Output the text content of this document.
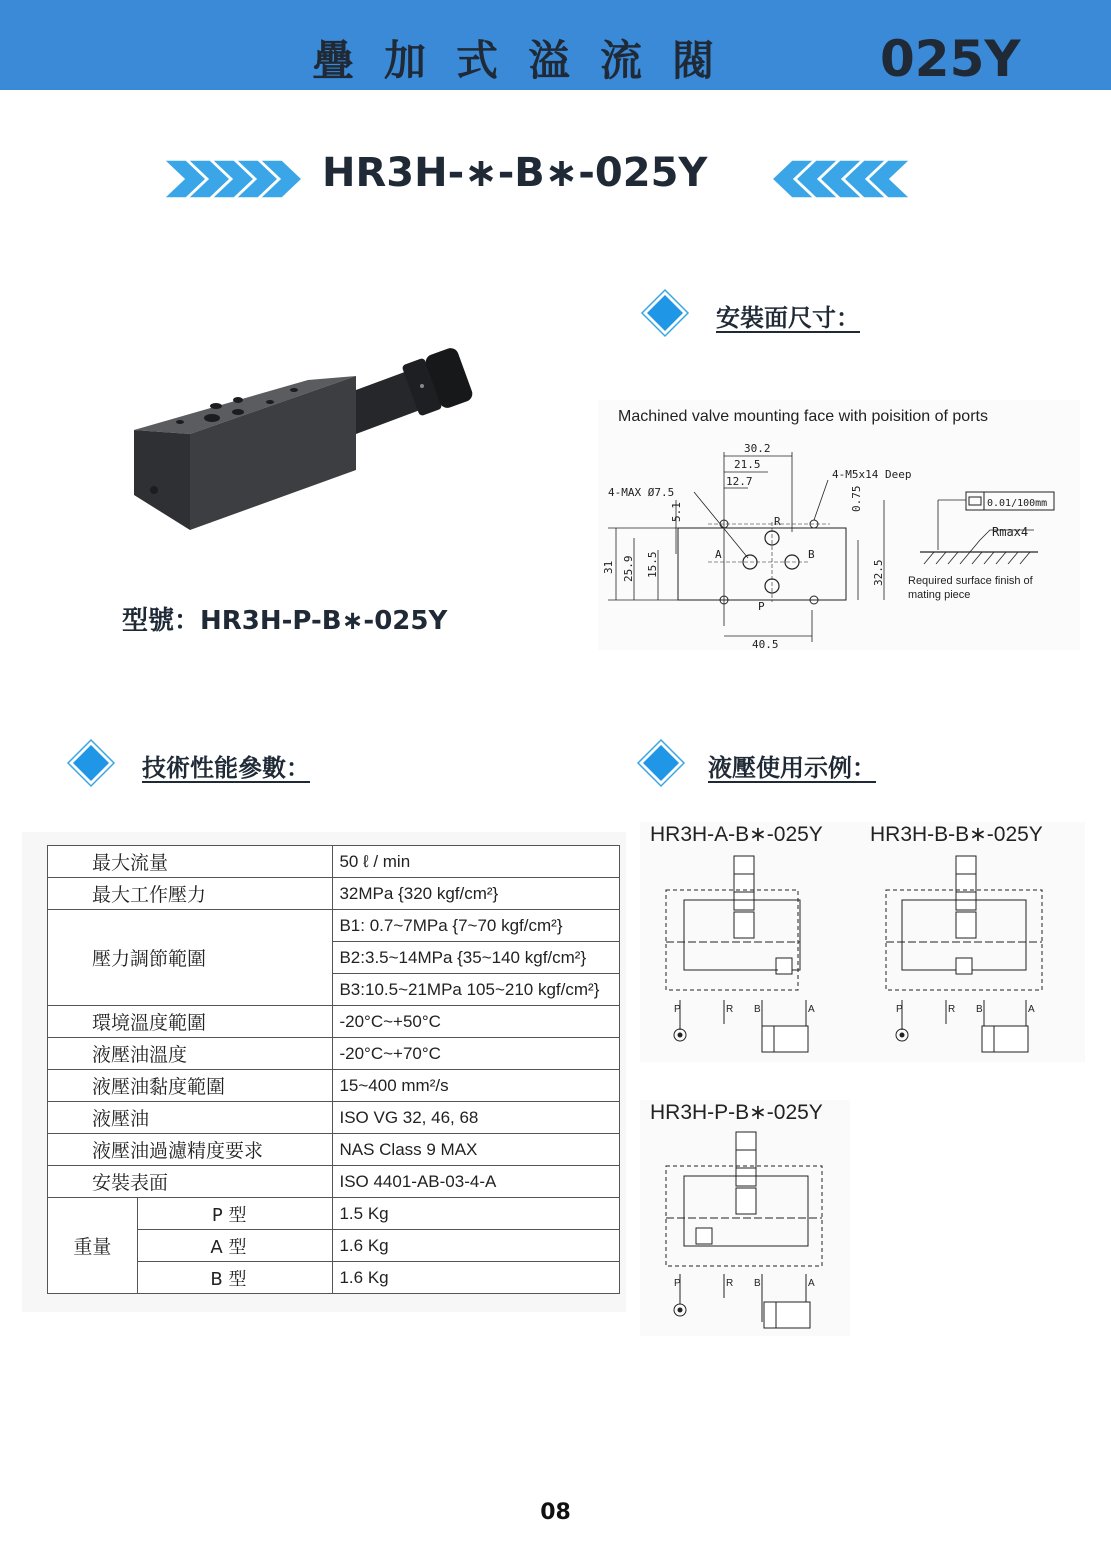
疊加式溢流閥	025Y
HR3H-∗-B∗-025Y
型號：HR3H-P-B∗-025Y
安裝面尺寸：
Machined valve mounting face with poisition of ports
30.2
21.5
12.7
4-MAX Ø7.5
4-M5x14 Deep
5.1
15.5
25.9
31
0.75
32.5
40.5
A	B
R
P
0.01/100mm
Rmax4
Required surface finish of
mating piece
技術性能參數：	液壓使用示例：
最大流量		50 ℓ / min
最大工作壓力		32MPa {320 kgf/cm²}
壓力調節範圍		B1: 0.7~7MPa {7~70 kgf/cm²}
		B2:3.5~14MPa {35~140 kgf/cm²}
		B3:10.5~21MPa 105~210 kgf/cm²}
環境溫度範圍		-20°C~+50°C
液壓油溫度		-20°C~+70°C
液壓油黏度範圍		15~400 mm²/s
液壓油		ISO VG 32, 46, 68
液壓油過濾精度要求		NAS Class 9 MAX
安裝表面		ISO 4401-AB-03-4-A
重量	P 型	1.5 Kg
	A 型	1.6 Kg
	B 型	1.6 Kg
HR3H-A-B∗-025Y
P	R B	A
HR3H-B-B∗-025Y
P	R B	A
HR3H-P-B∗-025Y
P	R B	A
08
